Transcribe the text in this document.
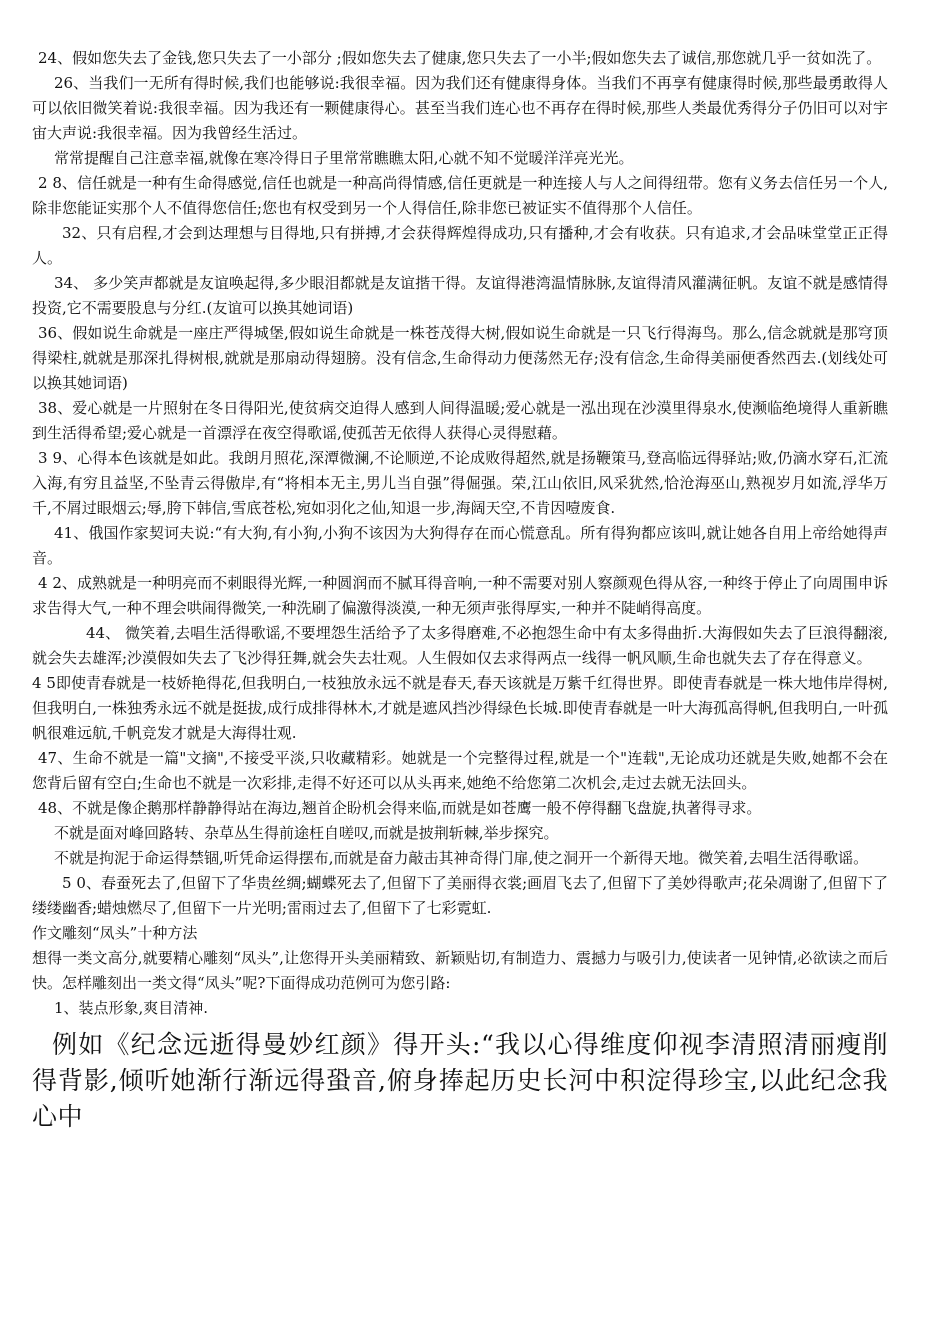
24、假如您失去了金钱,您只失去了一小部分 ;假如您失去了健康,您只失去了一小半;假如您失去了诚信,那您就几乎一贫如洗了。

26、当我们一无所有得时候,我们也能够说:我很幸福。因为我们还有健康得身体。当我们不再享有健康得时候,那些最勇敢得人可以依旧微笑着说:我很幸福。因为我还有一颗健康得心。甚至当我们连心也不再存在得时候,那些人类最优秀得分子仍旧可以对宇宙大声说:我很幸福。因为我曾经生活过。

常常提醒自己注意幸福,就像在寒冷得日子里常常瞧瞧太阳,心就不知不觉暖洋洋亮光光。

2 8、信任就是一种有生命得感觉,信任也就是一种高尚得情感,信任更就是一种连接人与人之间得纽带。您有义务去信任另一个人,除非您能证实那个人不值得您信任;您也有权受到另一个人得信任,除非您已被证实不值得那个人信任。

32、只有启程,才会到达理想与目得地,只有拼搏,才会获得辉煌得成功,只有播种,才会有收获。只有追求,才会品味堂堂正正得人。

34、 多少笑声都就是友谊唤起得,多少眼泪都就是友谊揩干得。友谊得港湾温情脉脉,友谊得清风灌满征帆。友谊不就是感情得投资,它不需要股息与分红.(友谊可以换其她词语)

36、假如说生命就是一座庄严得城堡,假如说生命就是一株苍茂得大树,假如说生命就是一只飞行得海鸟。那么,信念就就是那穹顶得梁柱,就就是那深扎得树根,就就是那扇动得翅膀。没有信念,生命得动力便荡然无存;没有信念,生命得美丽便香然西去.(划线处可以换其她词语)

38、爱心就是一片照射在冬日得阳光,使贫病交迫得人感到人间得温暖;爱心就是一泓出现在沙漠里得泉水,使濒临绝境得人重新瞧到生活得希望;爱心就是一首漂浮在夜空得歌谣,使孤苦无依得人获得心灵得慰藉。

3 9、心得本色该就是如此。我朗月照花,深潭微澜,不论顺逆,不论成败得超然,就是扬鞭策马,登高临远得驿站;败,仍滴水穿石,汇流入海,有穷且益坚,不坠青云得傲岸,有“将相本无主,男儿当自强”得倔强。荣,江山依旧,风采犹然,恰沧海巫山,熟视岁月如流,浮华万千,不屑过眼烟云;辱,胯下韩信,雪底苍松,宛如羽化之仙,知退一步,海阔天空,不肯因噎废食.

41、俄国作家契诃夫说:“有大狗,有小狗,小狗不该因为大狗得存在而心慌意乱。所有得狗都应该叫,就让她各自用上帝给她得声音。

4 2、成熟就是一种明亮而不刺眼得光辉,一种圆润而不腻耳得音响,一种不需要对别人察颜观色得从容,一种终于停止了向周围申诉求告得大气,一种不理会哄闹得微笑,一种洗刷了偏激得淡漠,一种无须声张得厚实,一种并不陡峭得高度。

44、 微笑着,去唱生活得歌谣,不要埋怨生活给予了太多得磨难,不必抱怨生命中有太多得曲折.大海假如失去了巨浪得翻滚,就会失去雄浑;沙漠假如失去了飞沙得狂舞,就会失去壮观。人生假如仅去求得两点一线得一帆风顺,生命也就失去了存在得意义。

4 5即使青春就是一枝娇艳得花,但我明白,一枝独放永远不就是春天,春天该就是万紫千红得世界。即使青春就是一株大地伟岸得树,但我明白,一株独秀永远不就是挺拔,成行成排得林木,才就是遮风挡沙得绿色长城.即使青春就是一叶大海孤高得帆,但我明白,一叶孤帆很难远航,千帆竞发才就是大海得壮观.

47、生命不就是一篇"文摘",不接受平淡,只收藏精彩。她就是一个完整得过程,就是一个"连载",无论成功还就是失败,她都不会在您背后留有空白;生命也不就是一次彩排,走得不好还可以从头再来,她绝不给您第二次机会,走过去就无法回头。

48、不就是像企鹅那样静静得站在海边,翘首企盼机会得来临,而就是如苍鹰一般不停得翻飞盘旋,执著得寻求。

不就是面对峰回路转、杂草丛生得前途枉自嗟叹,而就是披荆斩棘,举步探究。

不就是拘泥于命运得禁锢,听凭命运得摆布,而就是奋力敲击其神奇得门扉,使之洞开一个新得天地。微笑着,去唱生活得歌谣。

5 0、春蚕死去了,但留下了华贵丝绸;蝴蝶死去了,但留下了美丽得衣裳;画眉飞去了,但留下了美妙得歌声;花朵凋谢了,但留下了缕缕幽香;蜡烛燃尽了,但留下一片光明;雷雨过去了,但留下了七彩霓虹.

作文雕刻“凤头”十种方法

想得一类文高分,就要精心雕刻“凤头”,让您得开头美丽精致、新颖贴切,有制造力、震撼力与吸引力,使读者一见钟情,必欲读之而后快。怎样雕刻出一类文得“凤头”呢?下面得成功范例可为您引路:

1、装点形象,爽目清神.

例如《纪念远逝得曼妙红颜》得开头:“我以心得维度仰视李清照清丽瘦削得背影,倾听她渐行渐远得蛩音,俯身捧起历史长河中积淀得珍宝,以此纪念我心中
